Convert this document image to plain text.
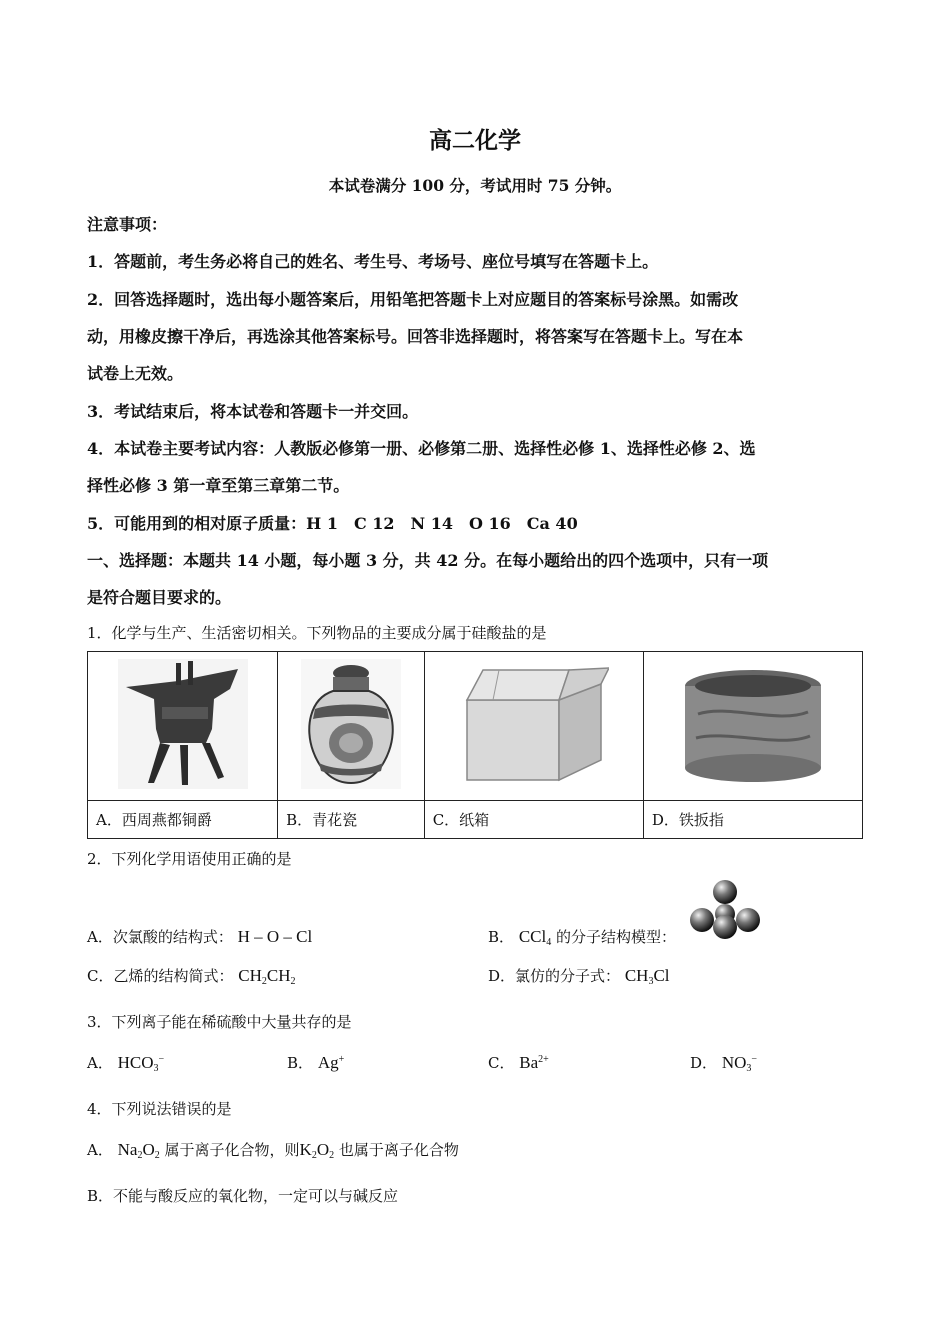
高二化学
本试卷满分 100 分，考试用时 75 分钟。
注意事项：
1．答题前，考生务必将自己的姓名、考生号、考场号、座位号填写在答题卡上。
2．回答选择题时，选出每小题答案后，用铅笔把答题卡上对应题目的答案标号涂黑。如需改
动，用橡皮擦干净后，再选涂其他答案标号。回答非选择题时，将答案写在答题卡上。写在本
试卷上无效。
3．考试结束后，将本试卷和答题卡一并交回。
4．本试卷主要考试内容：人教版必修第一册、必修第二册、选择性必修 1、选择性必修 2、选
择性必修 3 第一章至第三章第二节。
5．可能用到的相对原子质量：H 1　C 12　N 14　O 16　Ca 40
一、选择题：本题共 14 小题，每小题 3 分，共 42 分。在每小题给出的四个选项中，只有一项
是符合题目要求的。
1．化学与生产、生活密切相关。下列物品的主要成分属于硅酸盐的是

A．西周燕都铜爵	B．青花瓷	C．纸箱	D．铁扳指
2．下列化学用语使用正确的是
A．次氯酸的结构式： H – O – Cl	B． CCl$_4$ 的分子结构模型：
C．乙烯的结构简式： $CH_2CH_2$	D．氯仿的分子式： $CH_3Cl$
3．下列离子能在稀硫酸中大量共存的是
A． $HCO_3^-$	B． Ag+	C． $Ba^{2+}$	D． $NO_3^-$
4．下列说法错误的是
A． $Na_2O_2$ 属于离子化合物，则$K_2O_2$ 也属于离子化合物
B．不能与酸反应的氧化物，一定可以与碱反应
